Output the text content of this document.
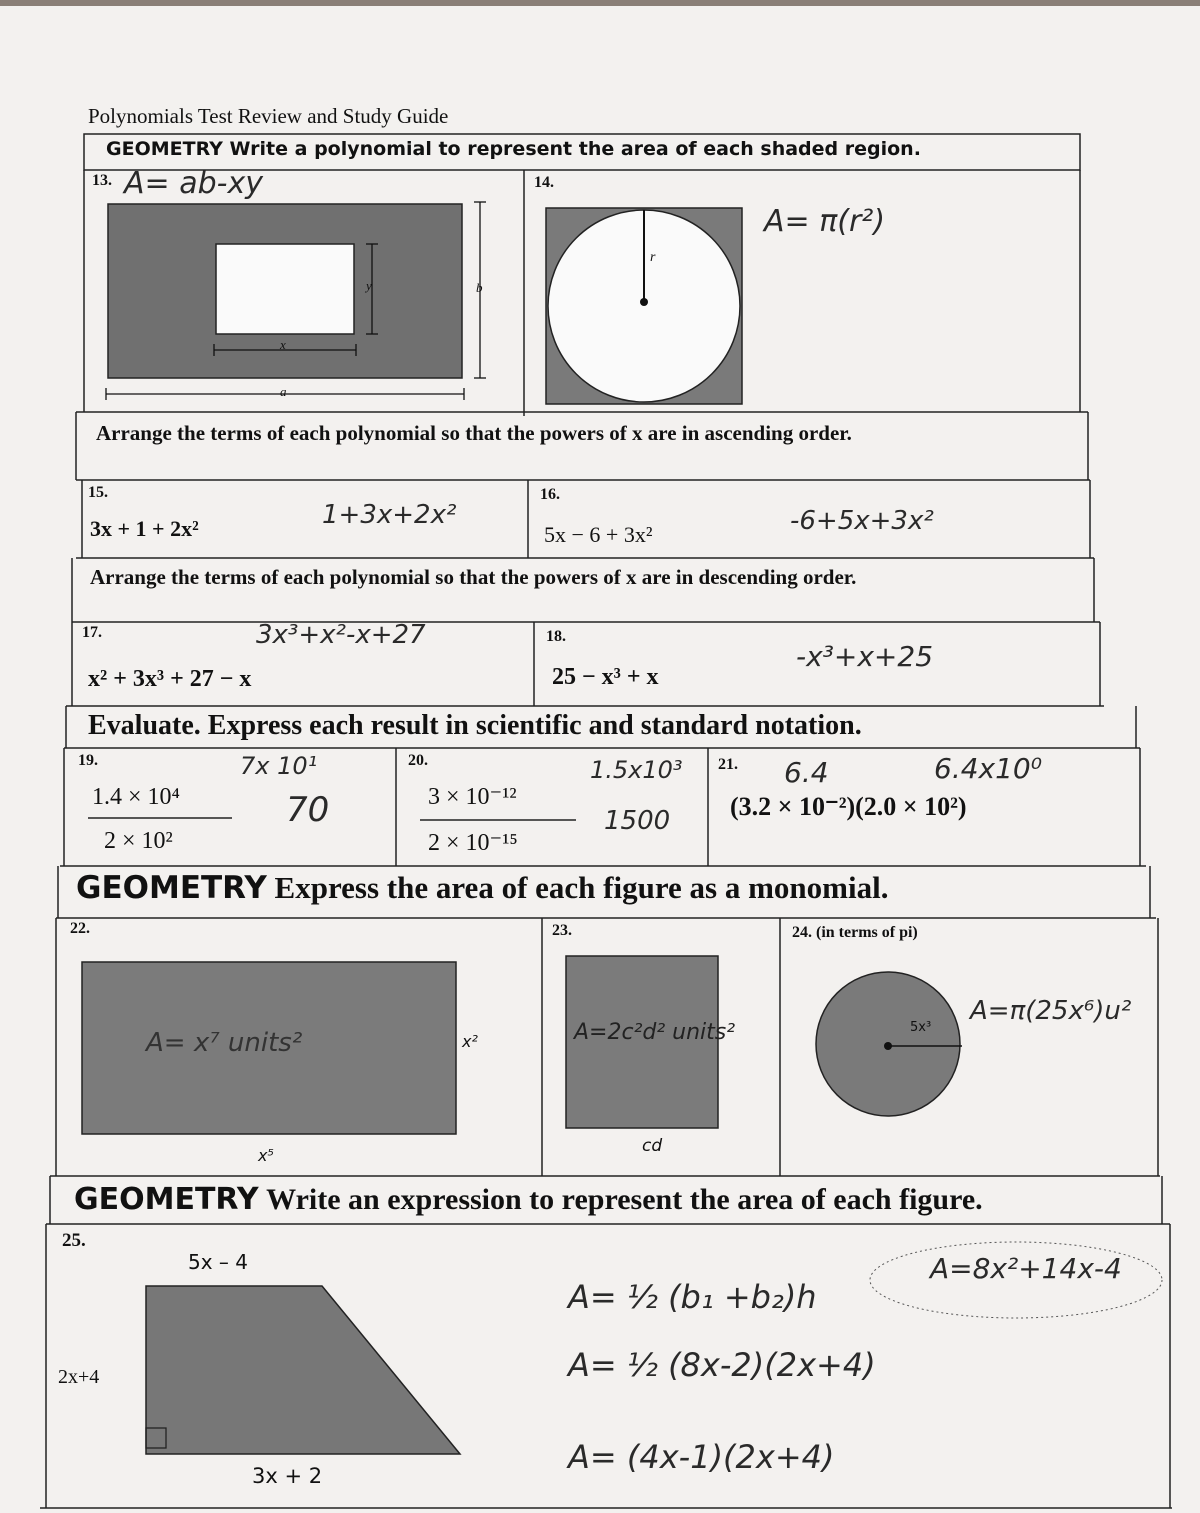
Polynomials Test Review and Study Guide
GEOMETRY Write a polynomial to represent the area of each shaded region.
13. A= ab-xy
x
y
a
b
14.
r
A= π(r²)
Arrange the terms of each polynomial so that the powers of x are in ascending order.
15.
3x + 1 + 2x²	1+3x+2x²
16.
5x − 6 + 3x²	-6+5x+3x²
Arrange the terms of each polynomial so that the powers of x are in descending order.
17.	3x³+x²-x+27
x² + 3x³ + 27 − x
18.
25 − x³ + x
-x³+x+25
Evaluate. Express each result in scientific and standard notation.
19.
1.4 × 10⁴
2 × 10²
7x 10¹
70
20.
3 × 10⁻¹²
2 × 10⁻¹⁵
1.5x10³
1500
21. 6.4	6.4x10⁰
(3.2 × 10⁻²)(2.0 × 10²)
GEOMETRY Express the area of each figure as a monomial.
22.
A= x⁷ units²	x²
x⁵
23.
A=2c²d² units²
cd
24. (in terms of pi)
5x³
A=π(25x⁶)u²
GEOMETRY Write an expression to represent the area of each figure.
25.
5x – 4
2x+4
3x + 2
A= ½ (b₁ +b₂)h
A= ½ (8x-2)(2x+4)
A= (4x-1)(2x+4)
A=8x²+14x-4
